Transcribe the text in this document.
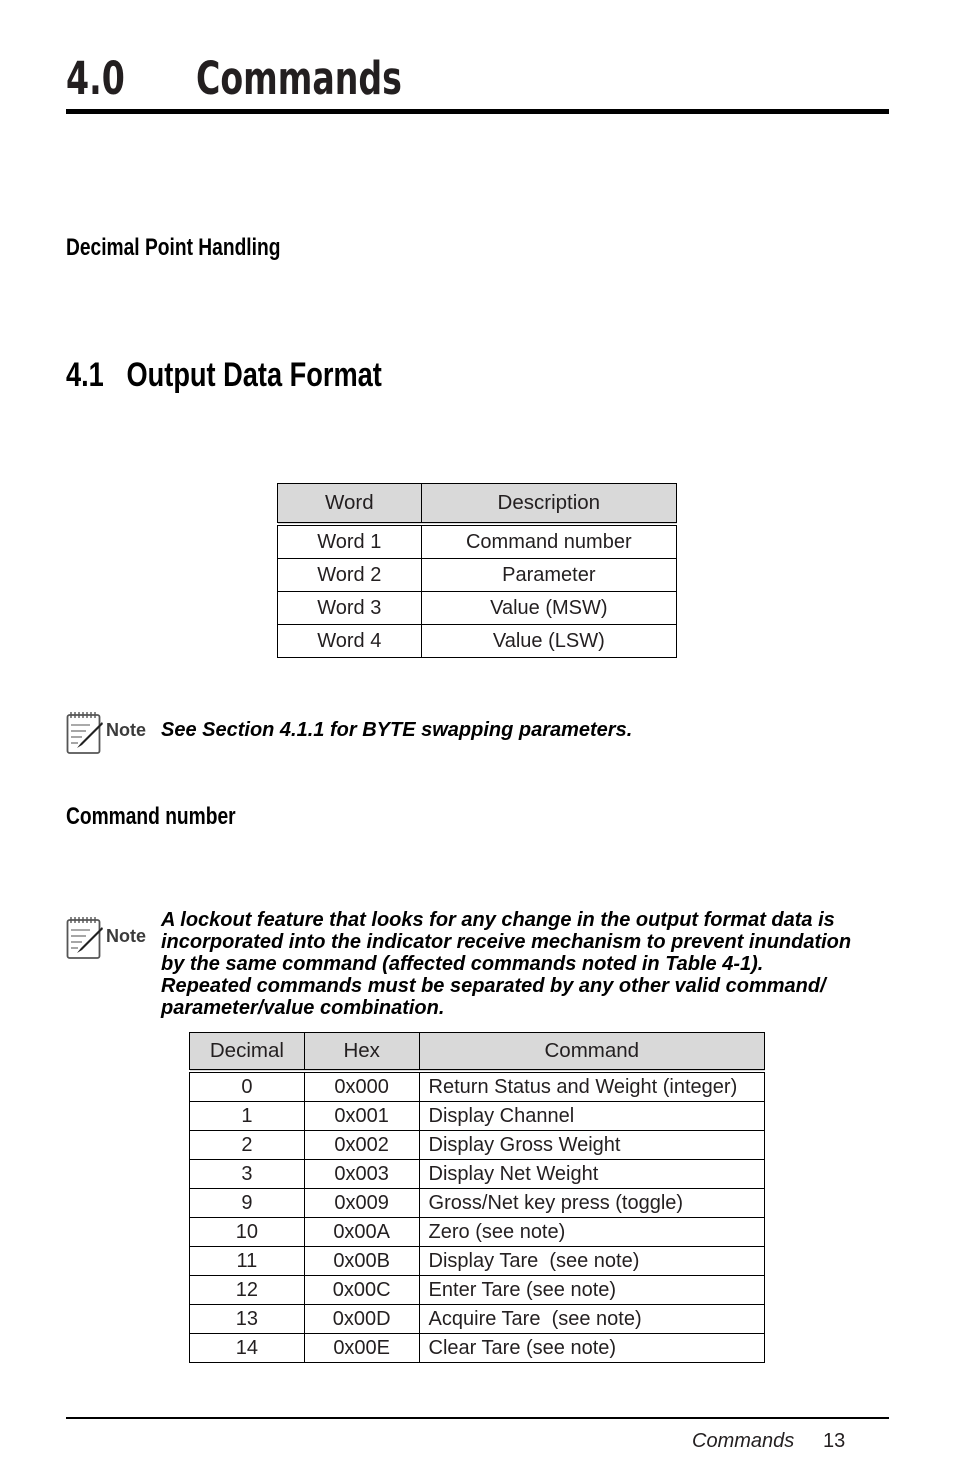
4.0 Commands
Decimal Point Handling
4.1 Output Data Format
Word	Description
Word 1	Command number
Word 2	Parameter
Word 3	Value (MSW)
Word 4	Value (LSW)
Note See Section 4.1.1 for BYTE swapping parameters.
Command number
Note
A lockout feature that looks for any change in the output format data is
incorporated into the indicator receive mechanism to prevent inundation
by the same command (affected commands noted in Table 4-1).
Repeated commands must be separated by any other valid command/
parameter/value combination.
Decimal	Hex	Command
0	0x000	Return Status and Weight (integer)
1	0x001	Display Channel
2	0x002	Display Gross Weight
3	0x003	Display Net Weight
9	0x009	Gross/Net key press (toggle)
10	0x00A	Zero (see note)
11	0x00B	Display Tare  (see note)
12	0x00C	Enter Tare (see note)
13	0x00D	Acquire Tare  (see note)
14	0x00E	Clear Tare (see note)
Commands 13
